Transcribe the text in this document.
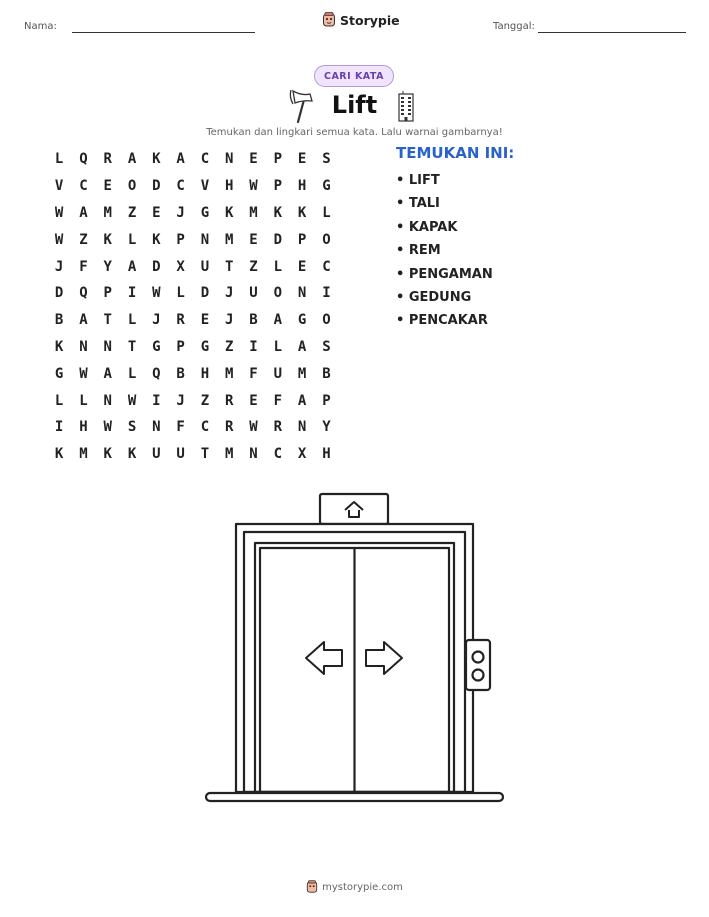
Nama:	Storypie	Tanggal:
CARI KATA
Lift
Temukan dan lingkari semua kata. Lalu warnai gambarnya!
L	Q	R	A	K	A	C	N	E	P	E	S
V	C	E	O	D	C	V	H	W	P	H	G
W	A	M	Z	E	J	G	K	M	K	K	L
W	Z	K	L	K	P	N	M	E	D	P	O
J	F	Y	A	D	X	U	T	Z	L	E	C
D	Q	P	I	W	L	D	J	U	O	N	I
B	A	T	L	J	R	E	J	B	A	G	O
K	N	N	T	G	P	G	Z	I	L	A	S
G	W	A	L	Q	B	H	M	F	U	M	B
L	L	N	W	I	J	Z	R	E	F	A	P
I	H	W	S	N	F	C	R	W	R	N	Y
K	M	K	K	U	U	T	M	N	C	X	H
TEMUKAN INI:
• LIFT
• TALI
• KAPAK
• REM
• PENGAMAN
• GEDUNG
• PENCAKAR
mystorypie.com
